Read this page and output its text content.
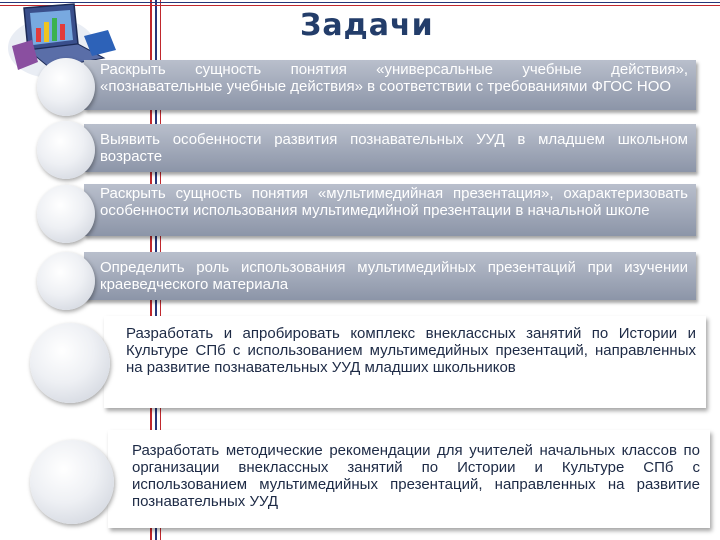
Задачи
Раскрыть сущность понятия «универсальные учебные действия», «познавательные учебные действия» в соответствии с требованиями ФГОС НОО
Выявить особенности развития познавательных УУД в младшем школьном возрасте
Раскрыть сущность понятия «мультимедийная презентация», охарактеризовать особенности использования мультимедийной презентации в начальной школе
Определить роль использования мультимедийных презентаций при изучении краеведческого материала
Разработать и апробировать комплекс внеклассных занятий по Истории и Культуре СПб с использованием мультимедийных презентаций, направленных на развитие познавательных УУД младших школьников
Разработать методические рекомендации для учителей начальных классов по организации внеклассных занятий по Истории и Культуре СПб с использованием мультимедийных презентаций, направленных на развитие познавательных УУД
